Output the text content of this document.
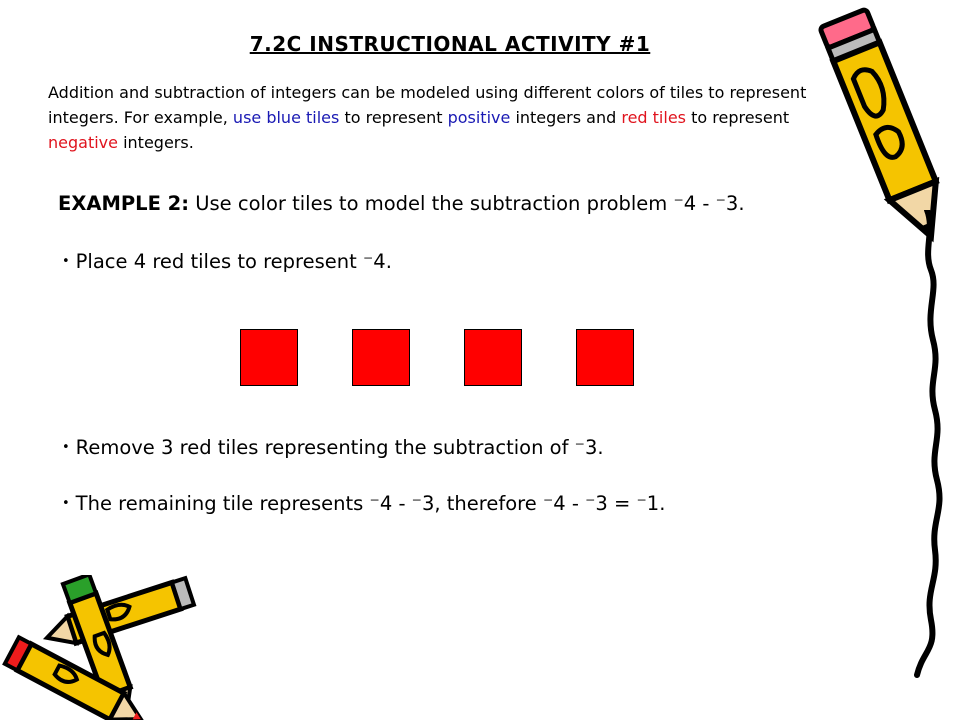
7.2C INSTRUCTIONAL ACTIVITY #1
Addition and subtraction of integers can be modeled using different colors of tiles to represent integers. For example, use blue tiles to represent positive integers and red tiles to represent negative integers.
EXAMPLE 2: Use color tiles to model the subtraction problem ⁻4 - ⁻3.
• Place 4 red tiles to represent ⁻4.
• Remove 3 red tiles representing the subtraction of ⁻3.
• The remaining tile represents ⁻4 - ⁻3, therefore ⁻4 - ⁻3 = ⁻1.
